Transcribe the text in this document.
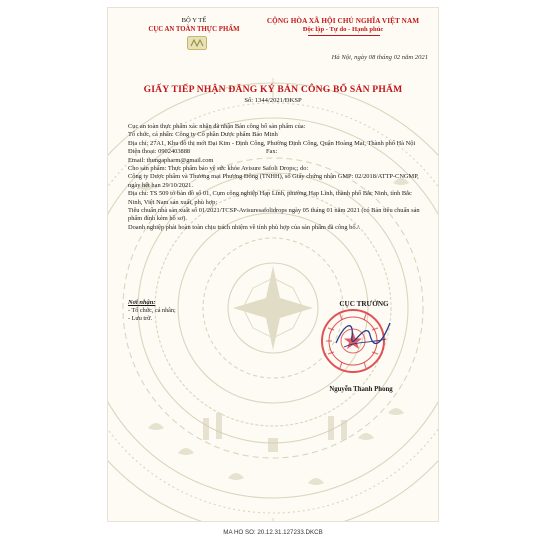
BỘ Y TẾ
CỤC AN TOÀN THỰC PHẨM
CỘNG HÒA XÃ HỘI CHỦ NGHĨA VIỆT NAM
Độc lập - Tự do - Hạnh phúc
Hà Nội, ngày 08 tháng 02 năm 2021
GIẤY TIẾP NHẬN ĐĂNG KÝ BẢN CÔNG BỐ SẢN PHẨM
Số: 1344/2021/ĐKSP

Cục an toàn thực phẩm xác nhận đã nhận Bản công bố sản phẩm của:

Tổ chức, cá nhân: Công ty Cổ phần Dược phẩm Bảo Minh

Địa chỉ: 27A1, Khu đô thị mới Đại Kim - Định Công, Phường Định Công, Quận Hoàng Mai, Thành phố Hà Nội

Điện thoại: 0902403888	Fax:

Email: thungapharm@gmail.com

Cho sản phẩm: Thực phẩm bảo vệ sức khỏe Avisure Safoli Drops;; do:

Công ty Dược phẩm và Thương mại Phương Đông (TNHH), số Giấy chứng nhận GMP: 02/2018/ATTP-CNGMP, ngày hết hạn 29/10/2021.

Địa chỉ: TS 509 tờ bản đồ số 01, Cụm công nghiệp Hạp Lĩnh, phường Hạp Lĩnh, thành phố Bắc Ninh, tỉnh Bắc Ninh, Việt Nam sản xuất, phù hợp:

Tiêu chuẩn nhà sản xuất số 01/2021/TCSP-Avisuresafolidrops ngày 05 tháng 01 năm 2021 (có Bản tiêu chuẩn sản phẩm đính kèm hồ sơ).

Doanh nghiệp phải hoàn toàn chịu trách nhiệm về tính phù hợp của sản phẩm đã công bố./.

Nơi nhận:
- Tổ chức, cá nhân;
- Lưu trữ.
CỤC TRƯỞNG
Nguyễn Thanh Phong
MA HO SO: 20.12.31.127233.DKCB
